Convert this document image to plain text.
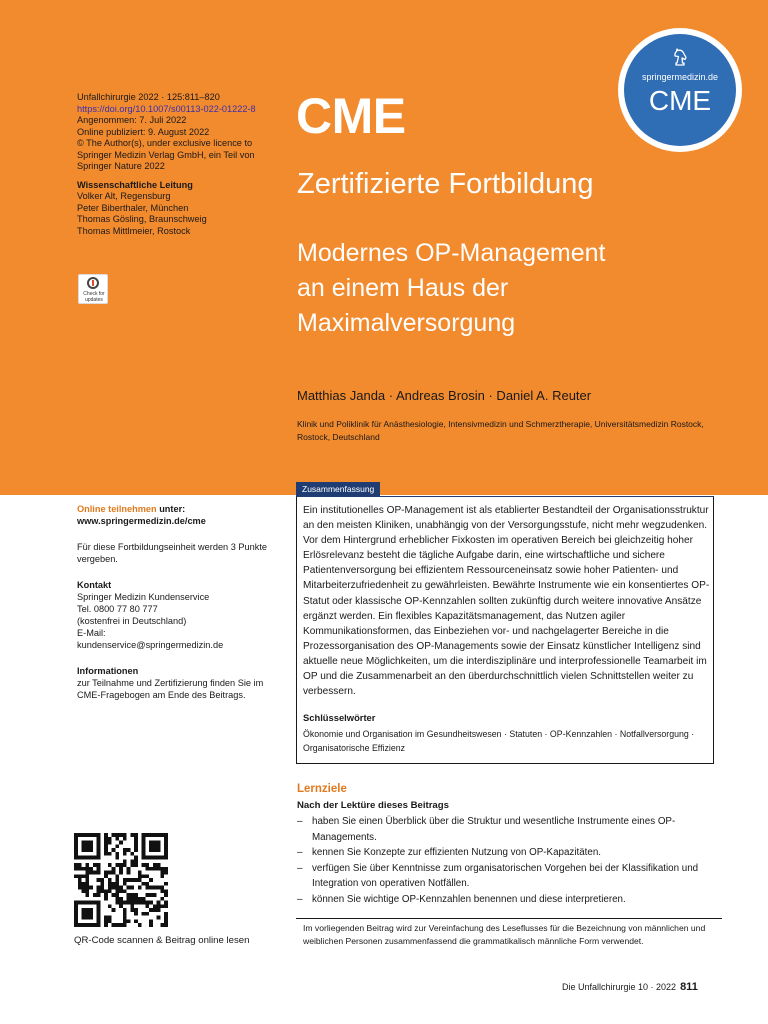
Unfallchirurgie 2022 · 125:811–820
https://doi.org/10.1007/s00113-022-01222-8
Angenommen: 7. Juli 2022
Online publiziert: 9. August 2022
© The Author(s), under exclusive licence to
Springer Medizin Verlag GmbH, ein Teil von
Springer Nature 2022
Wissenschaftliche Leitung
Volker Alt, Regensburg
Peter Biberthaler, München
Thomas Gösling, Braunschweig
Thomas Mittlmeier, Rostock
Check for updates
CME
Zertifizierte Fortbildung
Modernes OP-Management
an einem Haus der
Maximalversorgung
Matthias Janda · Andreas Brosin · Daniel A. Reuter
Klinik und Poliklinik für Anästhesiologie, Intensivmedizin und Schmerztherapie, Universitätsmedizin Rostock, Rostock, Deutschland
springermedizin.de
CME
Online teilnehmen unter:
www.springermedizin.de/cme
Für diese Fortbildungseinheit werden 3 Punkte vergeben.
Kontakt
Springer Medizin Kundenservice
Tel. 0800 77 80 777
(kostenfrei in Deutschland)
E-Mail:
kundenservice@springermedizin.de
Informationen
zur Teilnahme und Zertifizierung finden Sie im CME-Fragebogen am Ende des Beitrags.
QR-Code scannen & Beitrag online lesen
Zusammenfassung
Ein institutionelles OP-Management ist als etablierter Bestandteil der Organisationsstruktur an den meisten Kliniken, unabhängig von der Versorgungsstufe, nicht mehr wegzudenken. Vor dem Hintergrund erheblicher Fixkosten im operativen Bereich bei gleichzeitig hoher Erlösrelevanz besteht die tägliche Aufgabe darin, eine wirtschaftliche und sichere Patientenversorgung bei effizientem Ressourceneinsatz sowie hoher Patienten- und Mitarbeiterzufriedenheit zu gewährleisten. Bewährte Instrumente wie ein konsentiertes OP-Statut oder klassische OP-Kennzahlen sollten zukünftig durch weitere innovative Ansätze ergänzt werden. Ein flexibles Kapazitätsmanagement, das Nutzen agiler Kommunikationsformen, das Einbeziehen vor- und nachgelagerter Bereiche in die Prozessorganisation des OP-Managements sowie der Einsatz künstlicher Intelligenz sind aktuelle neue Möglichkeiten, um die interdisziplinäre und interprofessionelle Teamarbeit im OP und die Zusammenarbeit an den überdurchschnittlich vielen Schnittstellen weiter zu verbessern.
Schlüsselwörter
Ökonomie und Organisation im Gesundheitswesen · Statuten · OP-Kennzahlen · Notfallversorgung · Organisatorische Effizienz
Lernziele
Nach der Lektüre dieses Beitrags
– haben Sie einen Überblick über die Struktur und wesentliche Instrumente eines OP-Managements.
– kennen Sie Konzepte zur effizienten Nutzung von OP-Kapazitäten.
– verfügen Sie über Kenntnisse zum organisatorischen Vorgehen bei der Klassifikation und Integration von operativen Notfällen.
– können Sie wichtige OP-Kennzahlen benennen und diese interpretieren.
Im vorliegenden Beitrag wird zur Vereinfachung des Leseflusses für die Bezeichnung von männlichen und weiblichen Personen zusammenfassend die grammatikalisch männliche Form verwendet.
Die Unfallchirurgie 10 · 2022 811
